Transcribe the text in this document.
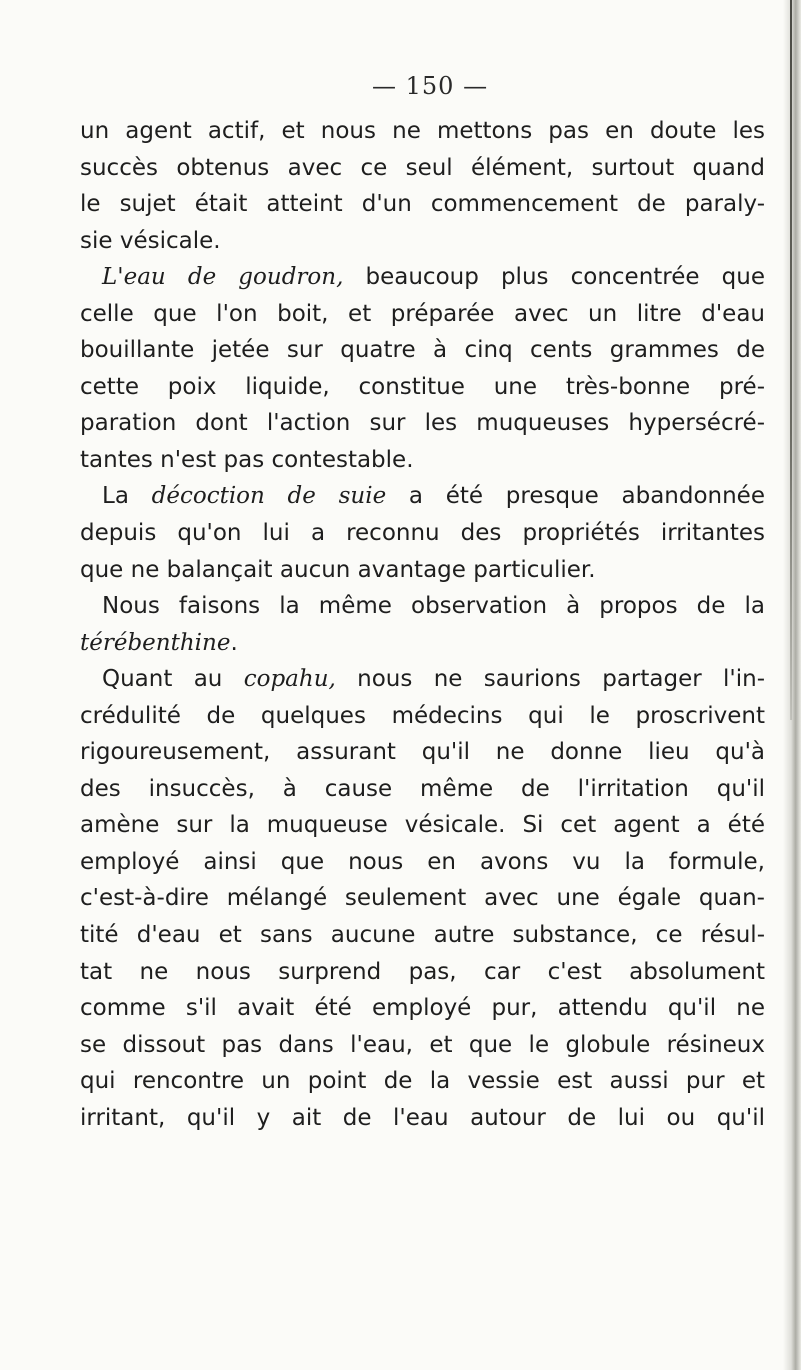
— 150 —

un agent actif, et nous ne mettons pas en doute les

succès obtenus avec ce seul élément, surtout quand

le sujet était atteint d'un commencement de paraly-

sie vésicale.

L'eau de goudron, beaucoup plus concentrée que

celle que l'on boit, et préparée avec un litre d'eau

bouillante jetée sur quatre à cinq cents grammes de

cette poix liquide, constitue une très-bonne pré-

paration dont l'action sur les muqueuses hypersécré-

tantes n'est pas contestable.

La décoction de suie a été presque abandonnée

depuis qu'on lui a reconnu des propriétés irritantes

que ne balançait aucun avantage particulier.

Nous faisons la même observation à propos de la

térébenthine.

Quant au copahu, nous ne saurions partager l'in-

crédulité de quelques médecins qui le proscrivent

rigoureusement, assurant qu'il ne donne lieu qu'à

des insuccès, à cause même de l'irritation qu'il

amène sur la muqueuse vésicale. Si cet agent a été

employé ainsi que nous en avons vu la formule,

c'est-à-dire mélangé seulement avec une égale quan-

tité d'eau et sans aucune autre substance, ce résul-

tat ne nous surprend pas, car c'est absolument

comme s'il avait été employé pur, attendu qu'il ne

se dissout pas dans l'eau, et que le globule résineux

qui rencontre un point de la vessie est aussi pur et

irritant, qu'il y ait de l'eau autour de lui ou qu'il
